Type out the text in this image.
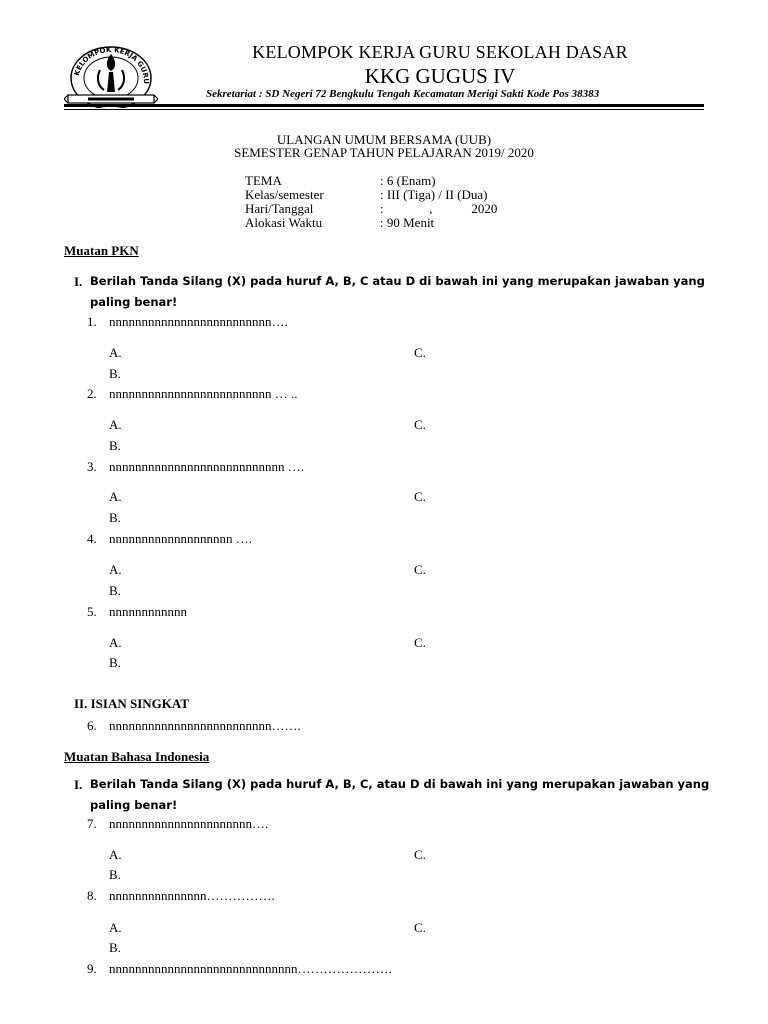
KELOMPOK KERJA GURU
KELOMPOK KERJA GURU SEKOLAH DASAR
KKG GUGUS IV
Sekretariat : SD Negeri 72 Bengkulu Tengah Kecamatan Merigi Sakti Kode Pos 38383
ULANGAN UMUM BERSAMA (UUB)
SEMESTER GENAP TAHUN PELAJARAN 2019/ 2020
TEMA	: 6 (Enam)
Kelas/semester	: III (Tiga) / II (Dua)
Hari/Tanggal	:              ,            2020
Alokasi Waktu	: 90 Menit
Muatan PKN
I. Berilah Tanda Silang (X) pada huruf A, B, C atau D di bawah ini yang merupakan jawaban yang
paling benar!
1. nnnnnnnnnnnnnnnnnnnnnnnnn….
A.	C.
B.
2. nnnnnnnnnnnnnnnnnnnnnnnnn … ..
A.	C.
B.
3. nnnnnnnnnnnnnnnnnnnnnnnnnnn ….
A.	C.
B.
4. nnnnnnnnnnnnnnnnnnn ….
A.	C.
B.
5. nnnnnnnnnnnn
A.	C.
B.
II. ISIAN SINGKAT
6. nnnnnnnnnnnnnnnnnnnnnnnnn…….
Muatan Bahasa Indonesia
I. Berilah Tanda Silang (X) pada huruf A, B, C, atau D di bawah ini yang merupakan jawaban yang
paling benar!
7. nnnnnnnnnnnnnnnnnnnnnn….
A.	C.
B.
8. nnnnnnnnnnnnnnn…………….
A.	C.
B.
9. nnnnnnnnnnnnnnnnnnnnnnnnnnnnn………………….
